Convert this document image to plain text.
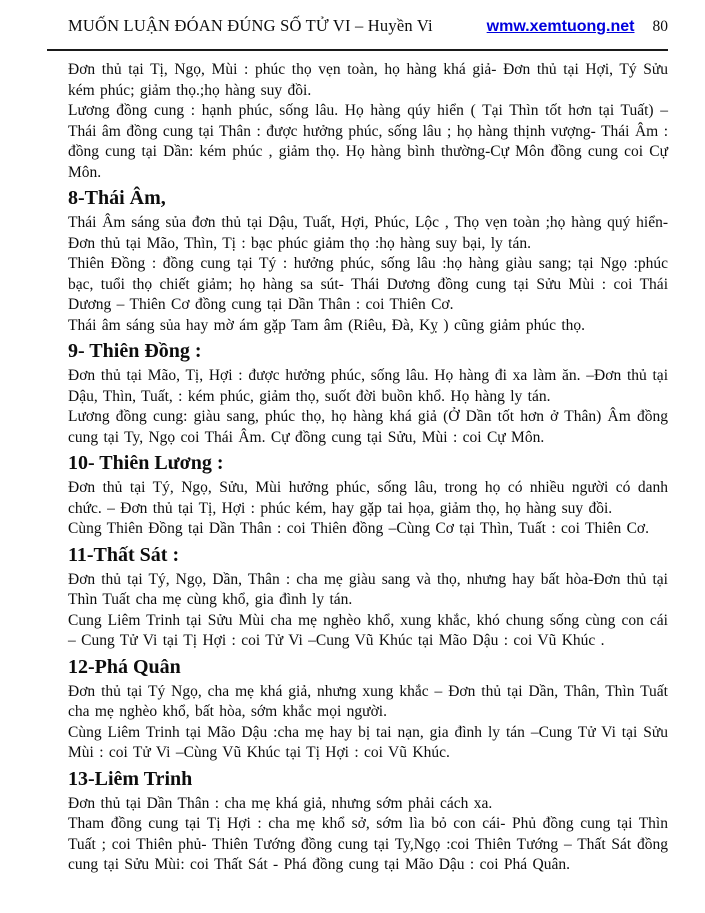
MUỐN LUẬN ĐÓAN ĐÚNG SỐ TỬ VI – Huyền Vi	wmw.xemtuong.net 80

Đơn thủ tại Tị, Ngọ, Mùi : phúc thọ vẹn toàn, họ hàng khá giả- Đơn thủ tại Hợi, Tý Sửu kém phúc; giảm thọ.;họ hàng suy đồi.

Lương đồng cung : hạnh phúc, sống lâu. Họ hàng qúy hiển ( Tại Thìn tốt hơn tại Tuất) –Thái âm đồng cung tại Thân : được hưởng phúc, sống lâu ; họ hàng thịnh vượng- Thái Âm : đồng cung tại Dần: kém phúc , giảm thọ. Họ hàng bình thường-Cự Môn đồng cung coi Cự Môn.

8-Thái Âm,

Thái Âm sáng sủa đơn thủ tại Dậu, Tuất, Hợi, Phúc, Lộc , Thọ vẹn toàn ;họ hàng quý hiển- Đơn thủ tại Mão, Thìn, Tị : bạc phúc giảm thọ :họ hàng suy bại, ly tán.

Thiên Đồng : đồng cung tại Tý : hưởng phúc, sống lâu :họ hàng giàu sang; tại Ngọ :phúc bạc, tuổi thọ chiết giảm; họ hàng sa sút- Thái Dương đồng cung tại Sửu Mùi : coi Thái Dương – Thiên Cơ đồng cung tại Dần Thân : coi Thiên Cơ.

Thái âm sáng sủa hay mờ ám gặp Tam âm (Riêu, Đà, Kỵ ) cũng giảm phúc thọ.

9- Thiên Đồng :

Đơn thủ tại Mão, Tị, Hợi : được hưởng phúc, sống lâu. Họ hàng đi xa làm ăn. –Đơn thủ tại Dậu, Thìn, Tuất, : kém phúc, giảm thọ, suốt đời buồn khổ. Họ hàng ly tán.

Lương đồng cung: giàu sang, phúc thọ, họ hàng khá giả (Ở Dần tốt hơn ở Thân) Âm đồng cung tại Ty, Ngọ coi Thái Âm. Cự đồng cung tại Sửu, Mùi : coi Cự Môn.

10- Thiên Lương :

Đơn thủ tại Tý, Ngọ, Sửu, Mùi hưởng phúc, sống lâu, trong họ có nhiều người có danh chức. – Đơn thủ tại Tị, Hợi : phúc kém, hay gặp tai họa, giảm thọ, họ hàng suy đồi.

Cùng Thiên Đồng tại Dần Thân : coi Thiên đồng –Cùng Cơ tại Thìn, Tuất : coi Thiên Cơ.

11-Thất Sát :

Đơn thủ tại Tý, Ngọ, Dần, Thân : cha mẹ giàu sang và thọ, nhưng hay bất hòa-Đơn thủ tại Thìn Tuất cha mẹ cùng khổ, gia đình ly tán.

Cung Liêm Trinh tại Sửu Mùi cha mẹ nghèo khổ, xung khắc, khó chung sống cùng con cái – Cung Tử Vi tại Tị Hợi : coi Tử Vi –Cung Vũ Khúc tại Mão Dậu : coi Vũ Khúc .

12-Phá Quân

Đơn thủ tại Tý Ngọ, cha mẹ khá giả, nhưng xung khắc – Đơn thủ tại Dần, Thân, Thìn Tuất cha mẹ nghèo khổ, bất hòa, sớm khắc mọi người.

Cùng Liêm Trinh tại Mão Dậu :cha mẹ hay bị tai nạn, gia đình ly tán –Cung Tử Vi tại Sửu Mùi : coi Tử Vi –Cùng Vũ Khúc tại Tị Hợi : coi Vũ Khúc.

13-Liêm Trinh

Đơn thủ tại Dần Thân : cha mẹ khá giả, nhưng sớm phải cách xa.

Tham đồng cung tại Tị Hợi : cha mẹ khổ sở, sớm lìa bỏ con cái- Phủ đồng cung tại Thìn Tuất ; coi Thiên phủ- Thiên Tướng đồng cung tại Ty,Ngọ :coi Thiên Tướng – Thất Sát đồng cung tại Sửu Mùi: coi Thất Sát - Phá đồng cung tại Mão Dậu : coi Phá Quân.
